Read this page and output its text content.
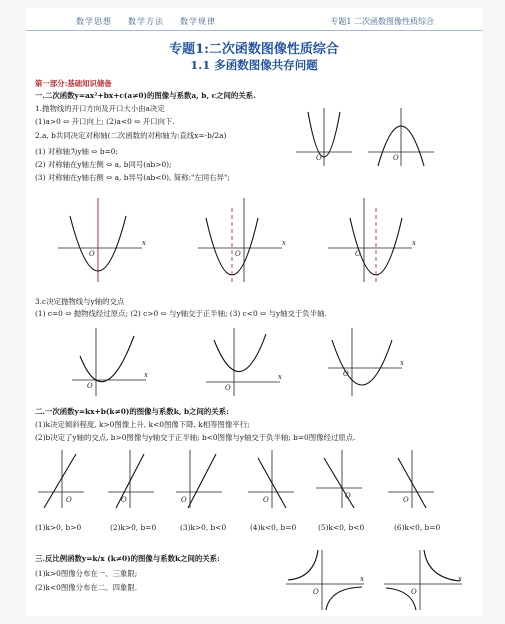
数学思想 数学方法 数学规律	专题1 二次函数图像性质综合
专题1:二次函数图像性质综合
1.1 多函数图像共存问题
第一部分:基础知识储备
一.二次函数y=ax²+bx+c(a≠0)的图像与系数a, b, c之间的关系.
1.抛物线的开口方向及开口大小由a决定
(1)a>0 ⇔ 开口向上; (2)a<0 ⇔ 开口向下.
2.a, b共同决定对称轴(二次函数的对称轴为:直线x=-b/2a)
(1) 对称轴为y轴 ⇔ b=0;
(2) 对称轴在y轴左侧 ⇔ a, b同号(ab>0);
(3) 对称轴在y轴右侧 ⇔ a, b异号(ab<0), 简称:"左同右异";
O	O
O
x
O
x
O
x
3.c决定抛物线与y轴的交点
(1) c=0 ⇔ 抛物线经过原点; (2) c>0 ⇔ 与y轴交于正半轴; (3) c<0 ⇔ 与y轴交于负半轴.
O
x
O
x	O
x
二.一次函数y=kx+b(k≠0)的图像与系数k, b之间的关系:
(1)k决定倾斜程度, k>0图像上升, k<0图像下降, k相等图像平行;
(2)b决定了y轴的交点, b>0图像与y轴交于正半轴; b<0图像与y轴交于负半轴; b=0图像经过原点.
O	O	O	O	O	O
(1)k>0, b>0	(2)k>0, b=0	(3)k>0, b<0	(4)k<0, b=0	(5)k<0, b<0	(6)k<0, b=0
三.反比例函数y=k/x (k≠0)的图像与系数k之间的关系:
(1)k>0图像分布在一、三象限;
(2)k<0图像分布在二、四象限.	O
x
O
x
